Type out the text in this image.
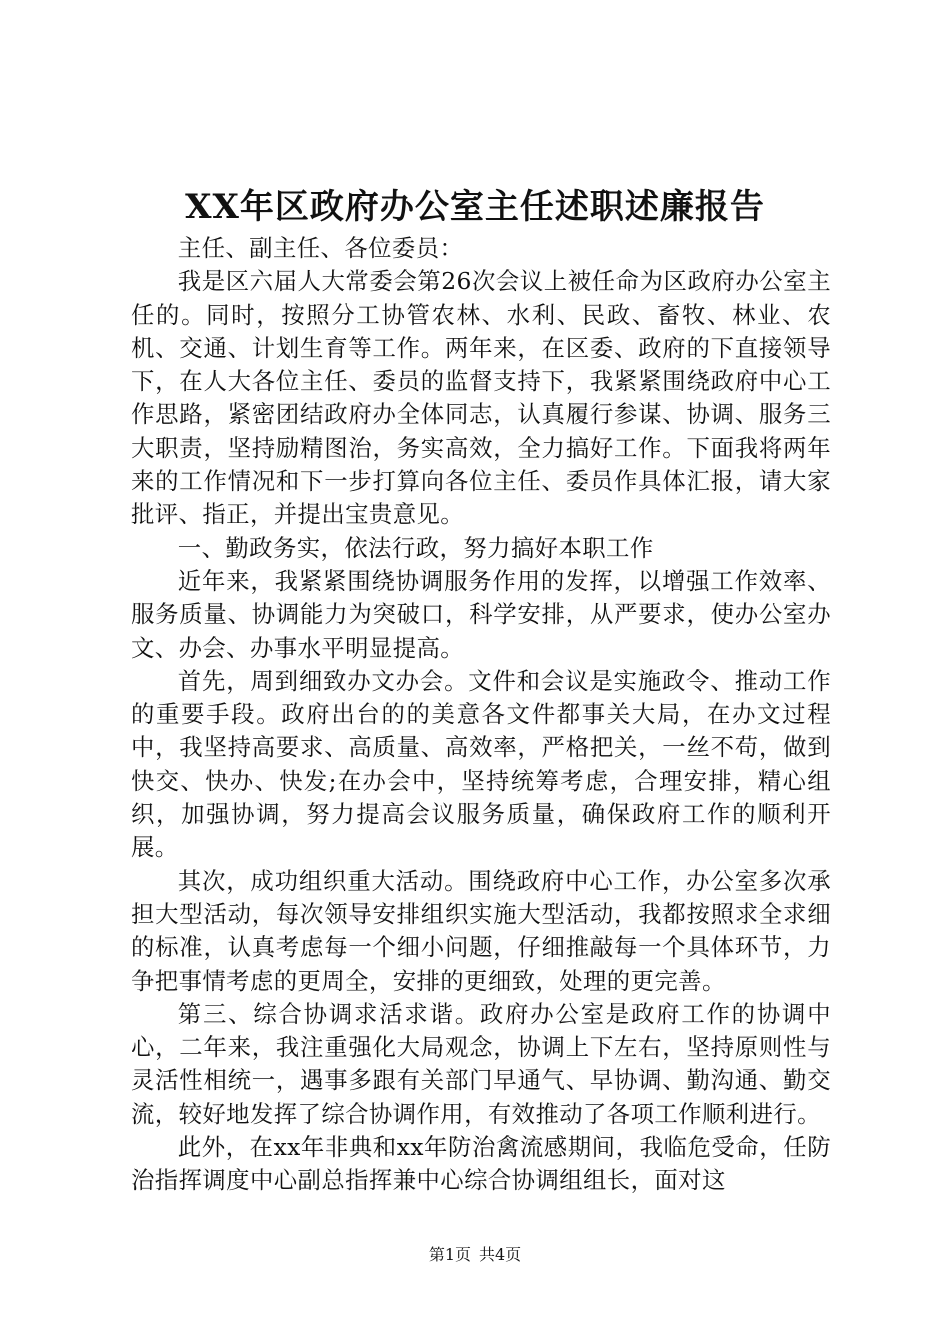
XX年区政府办公室主任述职述廉报告

主任、副主任、各位委员：

我是区六届人大常委会第26次会议上被任命为区政府办公室主任的。同时，按照分工协管农林、水利、民政、畜牧、林业、农机、交通、计划生育等工作。两年来，在区委、政府的下直接领导下，在人大各位主任、委员的监督支持下，我紧紧围绕政府中心工作思路，紧密团结政府办全体同志，认真履行参谋、协调、服务三大职责，坚持励精图治，务实高效，全力搞好工作。下面我将两年来的工作情况和下一步打算向各位主任、委员作具体汇报，请大家批评、指正，并提出宝贵意见。

一、勤政务实，依法行政，努力搞好本职工作

近年来，我紧紧围绕协调服务作用的发挥，以增强工作效率、服务质量、协调能力为突破口，科学安排，从严要求，使办公室办文、办会、办事水平明显提高。

首先，周到细致办文办会。文件和会议是实施政令、推动工作的重要手段。政府出台的的美意各文件都事关大局，在办文过程中，我坚持高要求、高质量、高效率，严格把关，一丝不苟，做到快交、快办、快发;在办会中，坚持统筹考虑，合理安排，精心组织，加强协调，努力提高会议服务质量，确保政府工作的顺利开展。

其次，成功组织重大活动。围绕政府中心工作，办公室多次承担大型活动，每次领导安排组织实施大型活动，我都按照求全求细的标准，认真考虑每一个细小问题，仔细推敲每一个具体环节，力争把事情考虑的更周全，安排的更细致，处理的更完善。

第三、综合协调求活求谐。政府办公室是政府工作的协调中心，二年来，我注重强化大局观念，协调上下左右，坚持原则性与灵活性相统一，遇事多跟有关部门早通气、早协调、勤沟通、勤交流，较好地发挥了综合协调作用，有效推动了各项工作顺利进行。

此外，在xx年非典和xx年防治禽流感期间，我临危受命，任防治指挥调度中心副总指挥兼中心综合协调组组长，面对这

第1页 共4页
